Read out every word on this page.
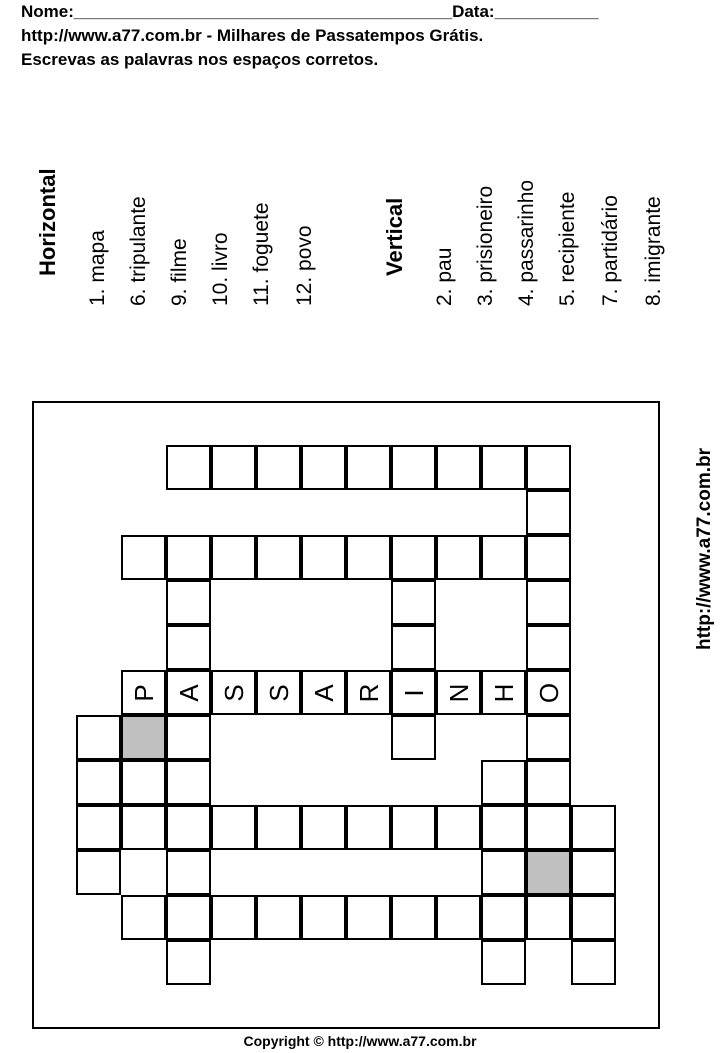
Nome:________________________________________Data:___________
http://www.a77.com.br - Milhares de Passatempos Grátis.
Escrevas as palavras nos espaços corretos.
Horizontal 1. mapa 6. tripulante 9. filme 10. livro 11. foguete 12. povo	Vertical
2. pau 3. prisioneiro 4. passarinho 5. recipiente 7. partidário 8. imigrante
P A S S A R I N H O
http://www.a77.com.br
Copyright © http://www.a77.com.br
